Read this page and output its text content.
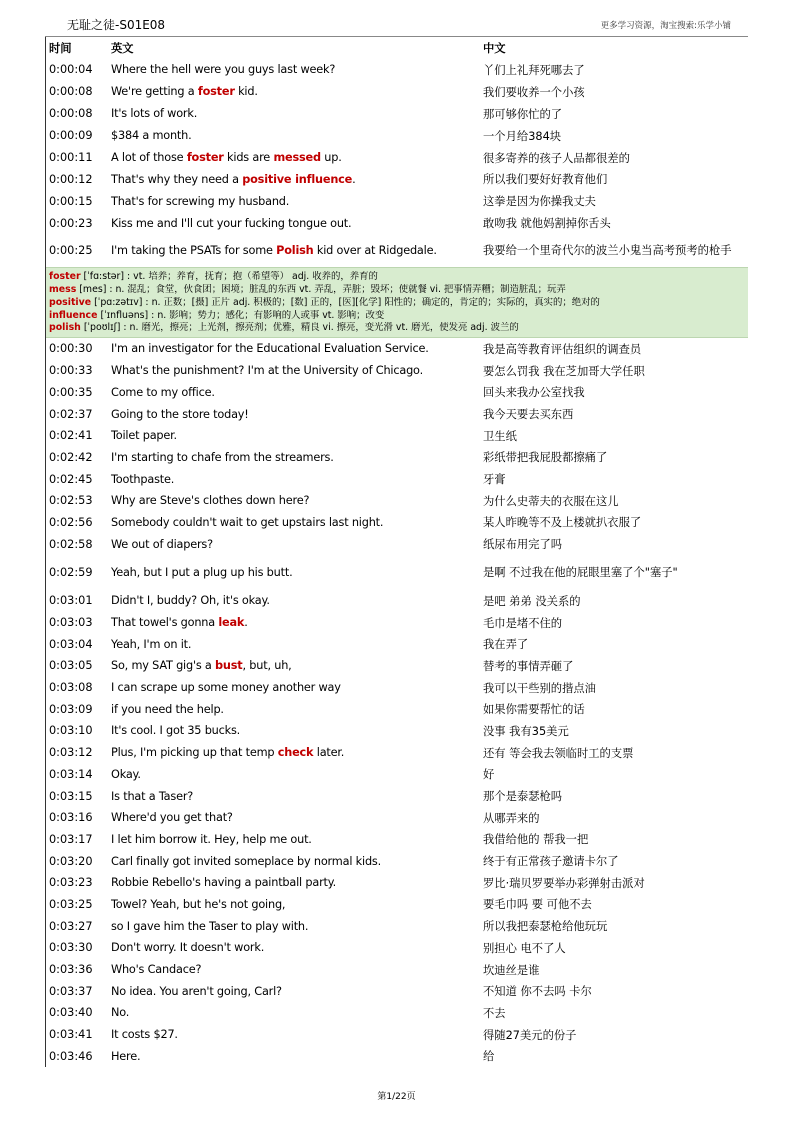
无耻之徒-S01E08	更多学习资源，淘宝搜索:乐学小铺
时间	英文	中文
0:00:04 Where the hell were you guys last week?	丫们上礼拜死哪去了
0:00:08 We're getting a foster kid.	我们要收养一个小孩
0:00:08 It's lots of work.	那可够你忙的了
0:00:09 $384 a month.	一个月给384块
0:00:11 A lot of those foster kids are messed up.	很多寄养的孩子人品都很差的
0:00:12 That's why they need a positive influence.	所以我们要好好教育他们
0:00:15 That's for screwing my husband.	这拳是因为你操我丈夫
0:00:23 Kiss me and I'll cut your fucking tongue out.	敢吻我 就他妈割掉你舌头
0:00:25 I'm taking the PSATs for some Polish kid over at Ridgedale.	我要给一个里奇代尔的波兰小鬼当高考预考的枪手
foster [ˈfɑ:stər] : vt. 培养；养育，抚育；抱（希望等） adj. 收养的，养育的
mess [mes] : n. 混乱；食堂，伙食团；困境；脏乱的东西 vt. 弄乱，弄脏；毁坏；使就餐 vi. 把事情弄糟；制造脏乱；玩弄
positive [ˈpɑ:zətɪv] : n. 正数；[摄] 正片 adj. 积极的；[数] 正的，[医][化学] 阳性的；确定的，肯定的；实际的，真实的；绝对的
influence [ˈɪnfluəns] : n. 影响；势力；感化；有影响的人或事 vt. 影响；改变
polish [ˈpoʊlɪʃ] : n. 磨光，擦亮；上光剂，擦亮剂；优雅，精良 vi. 擦亮，变光滑 vt. 磨光，使发亮 adj. 波兰的
0:00:30 I'm an investigator for the Educational Evaluation Service.	我是高等教育评估组织的调查员
0:00:33 What's the punishment? I'm at the University of Chicago.	要怎么罚我 我在芝加哥大学任职
0:00:35 Come to my office.	回头来我办公室找我
0:02:37 Going to the store today!	我今天要去买东西
0:02:41 Toilet paper.	卫生纸
0:02:42 I'm starting to chafe from the streamers.	彩纸带把我屁股都擦痛了
0:02:45 Toothpaste.	牙膏
0:02:53 Why are Steve's clothes down here?	为什么史蒂夫的衣服在这儿
0:02:56 Somebody couldn't wait to get upstairs last night.	某人昨晚等不及上楼就扒衣服了
0:02:58 We out of diapers?	纸尿布用完了吗
0:02:59 Yeah, but I put a plug up his butt.	是啊 不过我在他的屁眼里塞了个"塞子"
0:03:01 Didn't I, buddy? Oh, it's okay.	是吧 弟弟 没关系的
0:03:03 That towel's gonna leak.	毛巾是堵不住的
0:03:04 Yeah, I'm on it.	我在弄了
0:03:05 So, my SAT gig's a bust, but, uh,	替考的事情弄砸了
0:03:08 I can scrape up some money another way	我可以干些别的揩点油
0:03:09 if you need the help.	如果你需要帮忙的话
0:03:10 It's cool. I got 35 bucks.	没事 我有35美元
0:03:12 Plus, I'm picking up that temp check later.	还有 等会我去领临时工的支票
0:03:14 Okay.	好
0:03:15 Is that a Taser?	那个是泰瑟枪吗
0:03:16 Where'd you get that?	从哪弄来的
0:03:17 I let him borrow it. Hey, help me out.	我借给他的 帮我一把
0:03:20 Carl finally got invited someplace by normal kids.	终于有正常孩子邀请卡尔了
0:03:23 Robbie Rebello's having a paintball party.	罗比·瑞贝罗要举办彩弹射击派对
0:03:25 Towel? Yeah, but he's not going,	要毛巾吗 要 可他不去
0:03:27 so I gave him the Taser to play with.	所以我把泰瑟枪给他玩玩
0:03:30 Don't worry. It doesn't work.	别担心 电不了人
0:03:36 Who's Candace?	坎迪丝是谁
0:03:37 No idea. You aren't going, Carl?	不知道 你不去吗 卡尔
0:03:40 No.	不去
0:03:41 It costs $27.	得随27美元的份子
0:03:46 Here.	给
第1/22页
